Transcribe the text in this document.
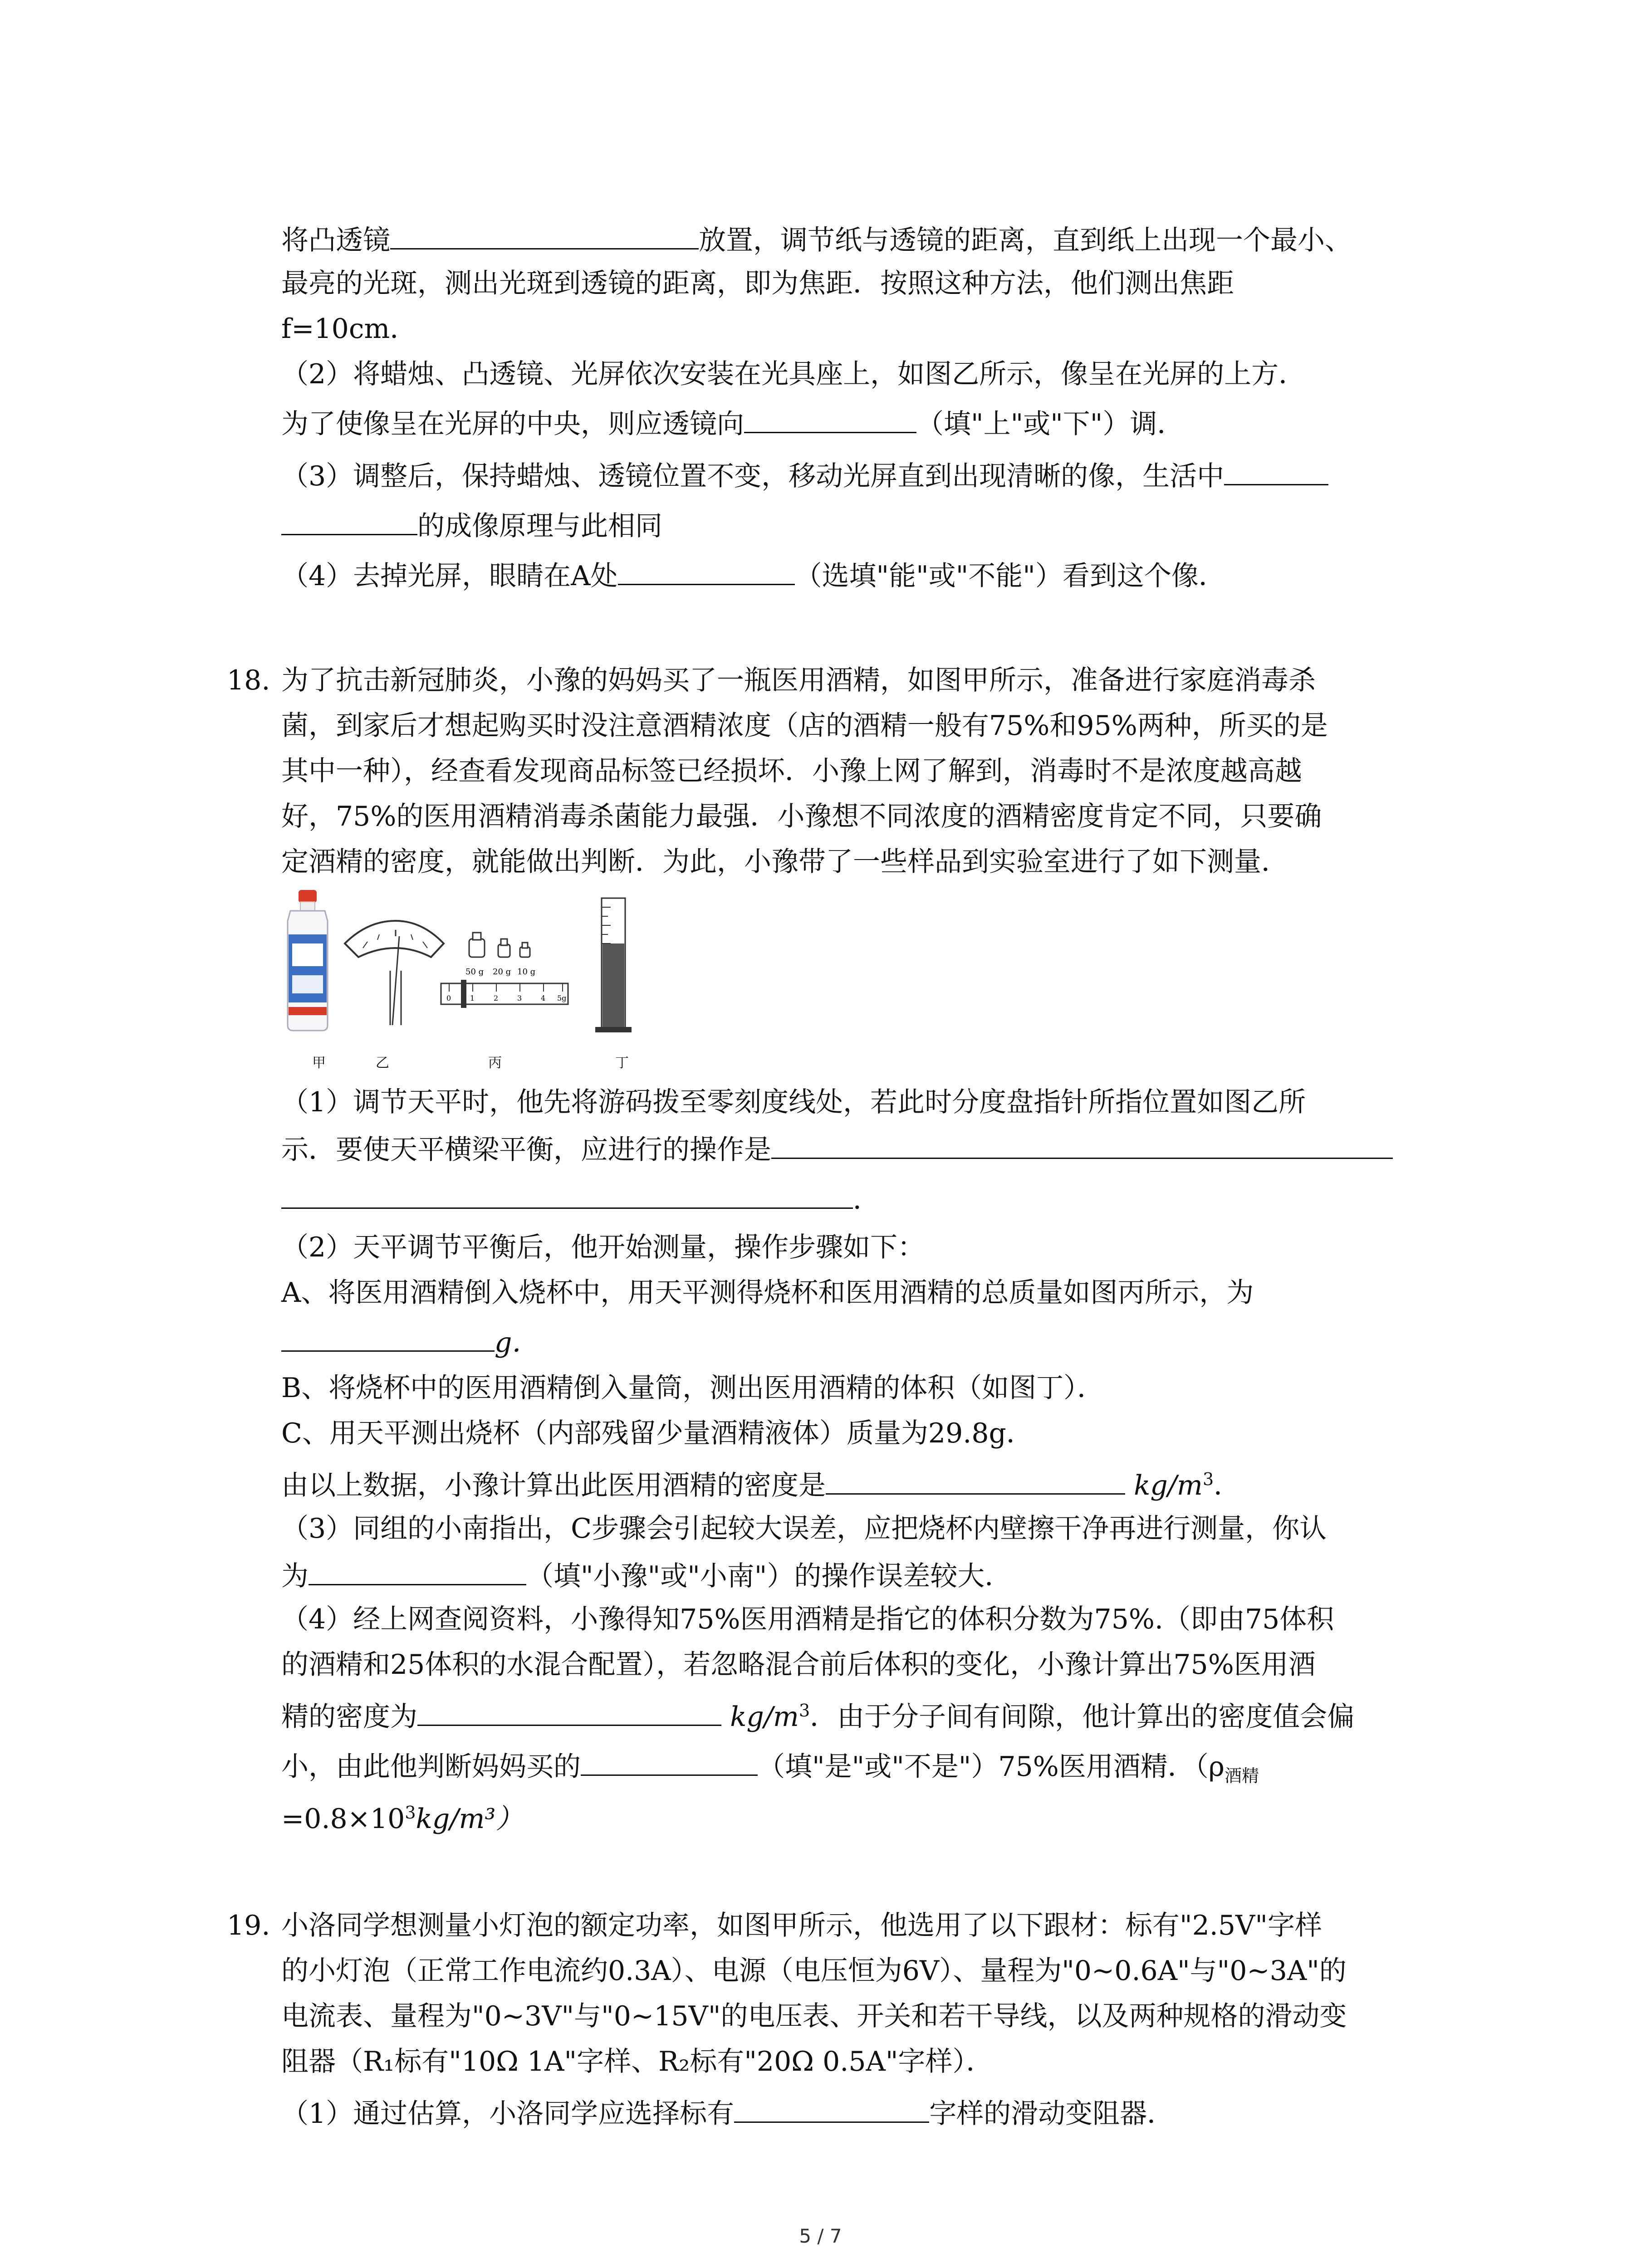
将凸透镜	放置，调节纸与透镜的距离，直到纸上出现一个最小、
最亮的光斑，测出光斑到透镜的距离，即为焦距．按照这种方法，他们测出焦距
f=10cm．
（2）将蜡烛、凸透镜、光屏依次安装在光具座上，如图乙所示，像呈在光屏的上方．
为了使像呈在光屏的中央，则应透镜向	（填"上"或"下"）调．
（3）调整后，保持蜡烛、透镜位置不变，移动光屏直到出现清晰的像，生活中
的成像原理与此相同
（4）去掉光屏，眼睛在A处	（选填"能"或"不能"）看到这个像．
18. 为了抗击新冠肺炎，小豫的妈妈买了一瓶医用酒精，如图甲所示，准备进行家庭消毒杀
菌，到家后才想起购买时没注意酒精浓度（店的酒精一般有75%和95%两种，所买的是
其中一种），经查看发现商品标签已经损坏．小豫上网了解到，消毒时不是浓度越高越
好，75%的医用酒精消毒杀菌能力最强．小豫想不同浓度的酒精密度肯定不同，只要确
定酒精的密度，就能做出判断．为此，小豫带了一些样品到实验室进行了如下测量．
50 g 20 g 10 g
0	1	2	3	4 5g
甲	乙	丙	丁
（1）调节天平时，他先将游码拨至零刻度线处，若此时分度盘指针所指位置如图乙所
示．要使天平横梁平衡，应进行的操作是
．
（2）天平调节平衡后，他开始测量，操作步骤如下：
A、将医用酒精倒入烧杯中，用天平测得烧杯和医用酒精的总质量如图丙所示，为
g．
B、将烧杯中的医用酒精倒入量筒，测出医用酒精的体积（如图丁）．
C、用天平测出烧杯（内部残留少量酒精液体）质量为29.8g．
由以上数据，小豫计算出此医用酒精的密度是	$kg/m^3$．
（3）同组的小南指出，C步骤会引起较大误差，应把烧杯内壁擦干净再进行测量，你认
为	（填"小豫"或"小南"）的操作误差较大．
（4）经上网查阅资料，小豫得知75%医用酒精是指它的体积分数为75%.（即由75体积
的酒精和25体积的水混合配置），若忽略混合前后体积的变化，小豫计算出75%医用酒
精的密度为	$kg/m^3$．由于分子间有间隙，他计算出的密度值会偏
小，由此他判断妈妈买的	（填"是"或"不是"）75%医用酒精．（$\rho_{酒精}$
$=0.8\times 10^3kg/m^3$）
19. 小洛同学想测量小灯泡的额定功率，如图甲所示，他选用了以下跟材：标有"2.5V"字样
的小灯泡（正常工作电流约0.3A）、电源（电压恒为6V）、量程为"0~0.6A"与"0~3A"的
电流表、量程为"0~3V"与"0~15V"的电压表、开关和若干导线，以及两种规格的滑动变
阻器（R₁标有"10Ω 1A"字样、R₂标有"20Ω 0.5A"字样）．
（1）通过估算，小洛同学应选择标有	字样的滑动变阻器．
5 / 7
